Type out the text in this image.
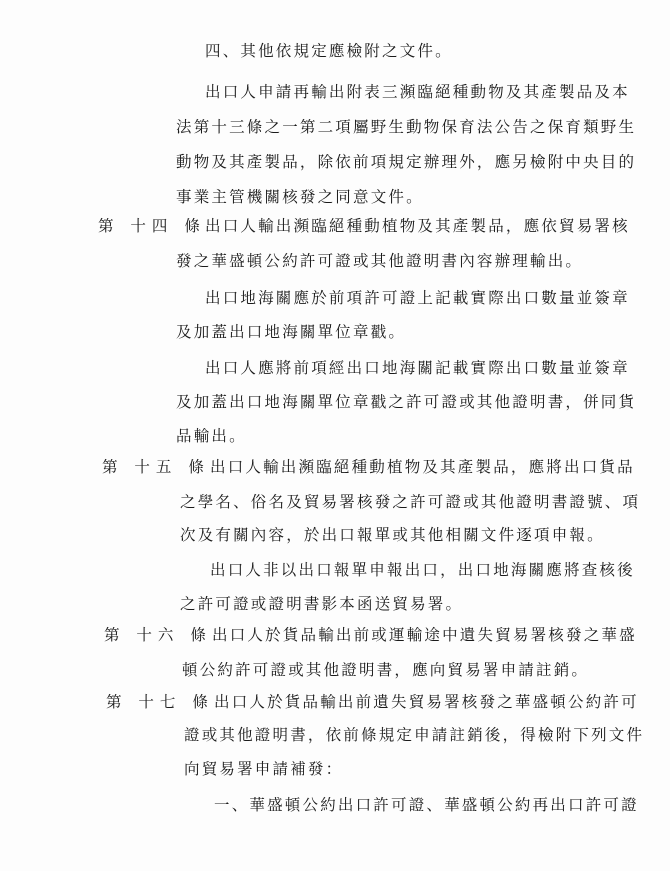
四、其他依規定應檢附之文件。
出口人申請再輸出附表三瀕臨絕種動物及其產製品及本
法第十三條之一第二項屬野生動物保育法公告之保育類野生
動物及其產製品，除依前項規定辦理外，應另檢附中央目的
事業主管機關核發之同意文件。
第 十四 條 出口人輸出瀕臨絕種動植物及其產製品，應依貿易署核
發之華盛頓公約許可證或其他證明書內容辦理輸出。
出口地海關應於前項許可證上記載實際出口數量並簽章
及加蓋出口地海關單位章戳。
出口人應將前項經出口地海關記載實際出口數量並簽章
及加蓋出口地海關單位章戳之許可證或其他證明書，併同貨
品輸出。
第 十五 條 出口人輸出瀕臨絕種動植物及其產製品，應將出口貨品
之學名、俗名及貿易署核發之許可證或其他證明書證號、項
次及有關內容，於出口報單或其他相關文件逐項申報。
出口人非以出口報單申報出口，出口地海關應將查核後
之許可證或證明書影本函送貿易署。
第 十六 條 出口人於貨品輸出前或運輸途中遺失貿易署核發之華盛
頓公約許可證或其他證明書，應向貿易署申請註銷。
第 十七 條 出口人於貨品輸出前遺失貿易署核發之華盛頓公約許可
證或其他證明書，依前條規定申請註銷後，得檢附下列文件
向貿易署申請補發：
一、華盛頓公約出口許可證、華盛頓公約再出口許可證
